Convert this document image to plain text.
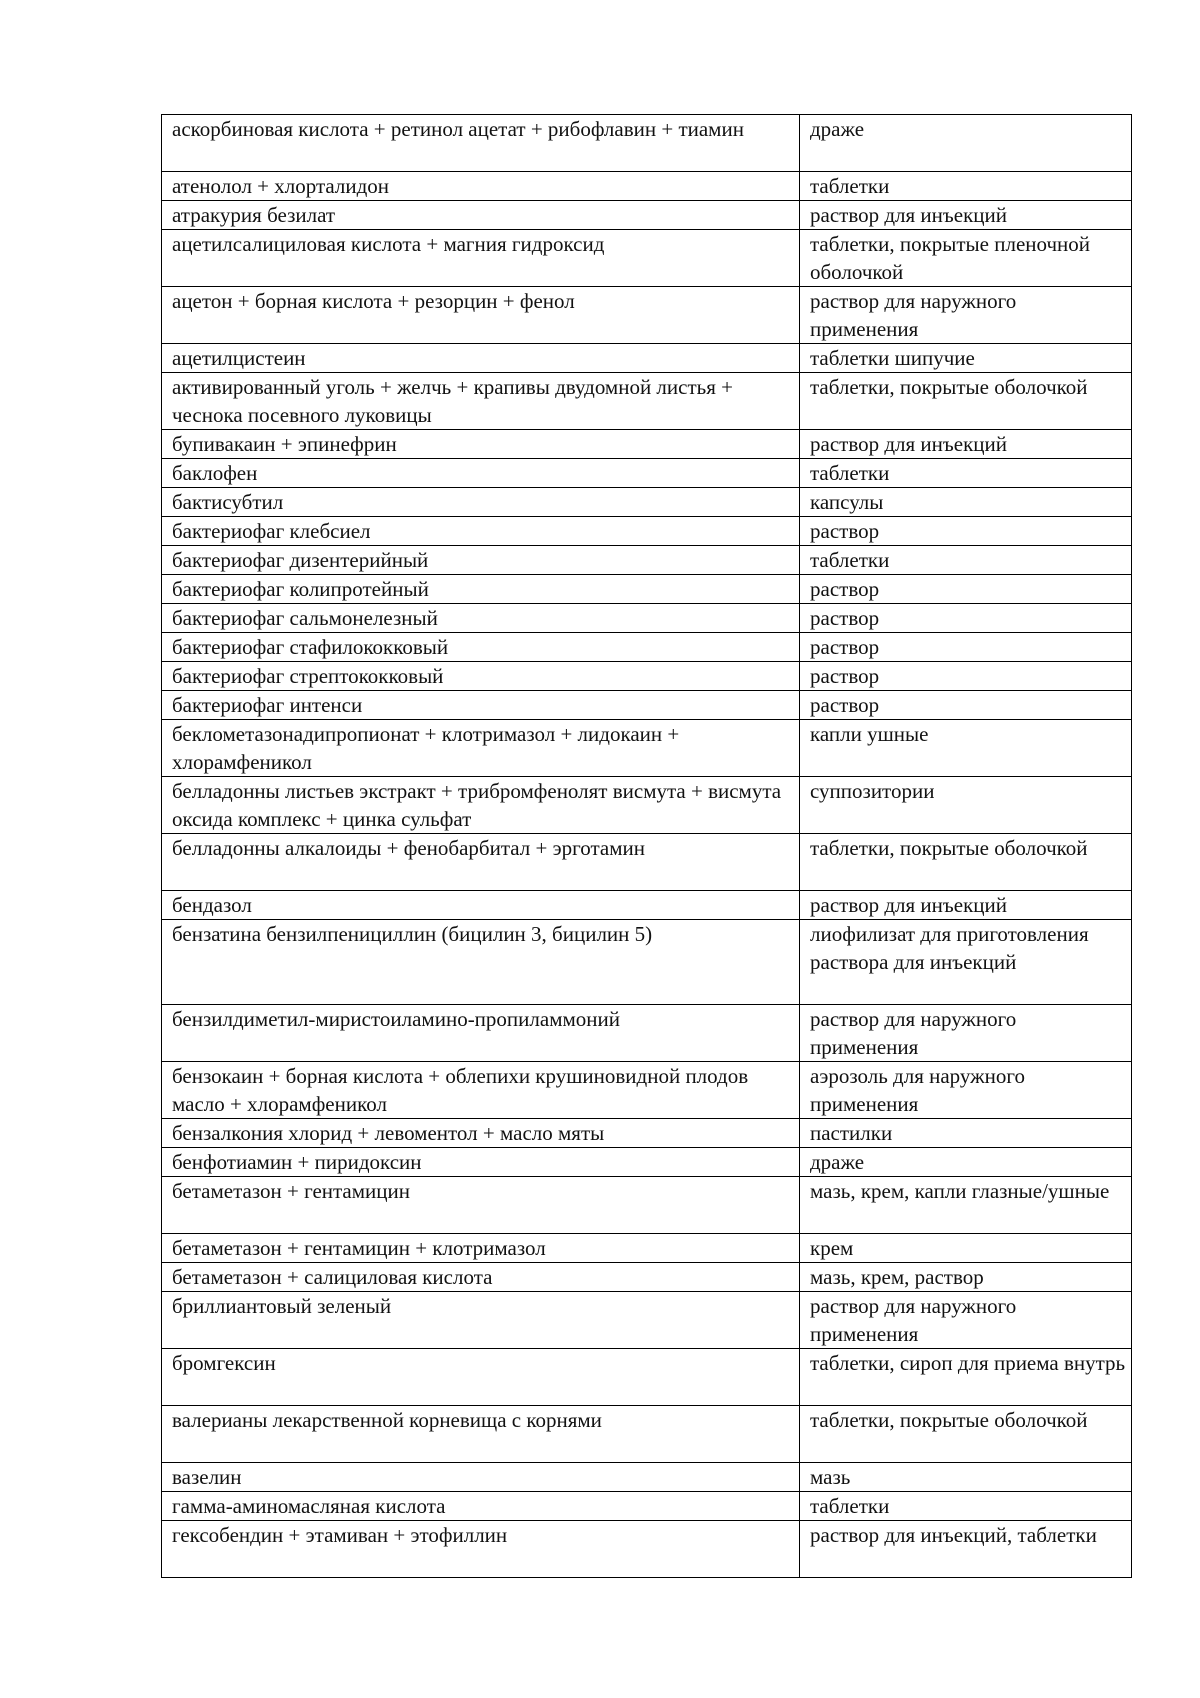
аскорбиновая кислота + ретинол ацетат + рибофлавин + тиамин	драже
атенолол + хлорталидон	таблетки
атракурия безилат	раствор для инъекций
ацетилсалициловая кислота + магния гидроксид	таблетки, покрытые пленочной оболочкой
ацетон + борная кислота + резорцин + фенол	раствор для наружного применения
ацетилцистеин	таблетки шипучие
активированный уголь + желчь + крапивы двудомной листья + чеснока посевного луковицы	таблетки, покрытые оболочкой
бупивакаин + эпинефрин	раствор для инъекций
баклофен	таблетки
бактисубтил	капсулы
бактериофаг клебсиел	раствор
бактериофаг дизентерийный	таблетки
бактериофаг колипротейный	раствор
бактериофаг сальмонелезный	раствор
бактериофаг стафилококковый	раствор
бактериофаг стрептококковый	раствор
бактериофаг интенси	раствор
беклометазонадипропионат + клотримазол + лидокаин + хлорамфеникол	капли ушные
белладонны листьев экстракт + трибромфенолят висмута + висмута оксида комплекс + цинка сульфат	суппозитории
белладонны алкалоиды + фенобарбитал + эрготамин	таблетки, покрытые оболочкой
бендазол	раствор для инъекций
бензатина бензилпенициллин (бицилин 3, бицилин 5)	лиофилизат для приготовления раствора для инъекций
бензилдиметил-миристоиламино-пропиламмоний	раствор для наружного применения
бензокаин + борная кислота + облепихи крушиновидной плодов масло + хлорамфеникол	аэрозоль для наружного применения
бензалкония хлорид + левоментол + масло мяты	пастилки
бенфотиамин + пиридоксин	драже
бетаметазон + гентамицин	мазь, крем, капли глазные/ушные
бетаметазон + гентамицин + клотримазол	крем
бетаметазон + салициловая кислота	мазь, крем, раствор
бриллиантовый зеленый	раствор для наружного применения
бромгексин	таблетки, сироп для приема внутрь
валерианы лекарственной корневища с корнями	таблетки, покрытые оболочкой
вазелин	мазь
гамма-аминомасляная кислота	таблетки
гексобендин + этамиван + этофиллин	раствор для инъекций, таблетки
